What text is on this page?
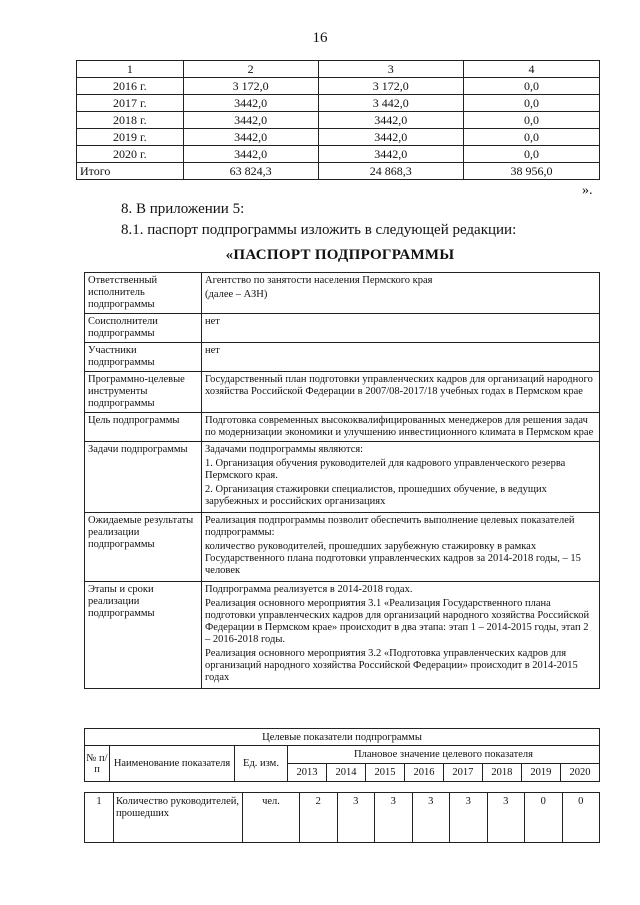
16
1	2	3	4
2016 г.	3 172,0	3 172,0	0,0
2017 г.	3442,0	3 442,0	0,0
2018 г.	3442,0	3442,0	0,0
2019 г.	3442,0	3442,0	0,0
2020 г.	3442,0	3442,0	0,0
Итого	63 824,3	24 868,3	38 956,0
».
8. В приложении 5:
8.1. паспорт подпрограммы изложить в следующей редакции:
«ПАСПОРТ ПОДПРОГРАММЫ
Ответственный исполнитель подпрограммы	Агентство по занятости населения Пермского края
(далее – АЗН)

Соисполнители подпрограммы	нет
Участники подпрограммы	нет
Программно-целевые инструменты подпрограммы	Государственный план подготовки управленческих кадров для организаций народного хозяйства Российской Федерации в 2007/08-2017/18 учебных годах в Пермском крае
Цель подпрограммы	Подготовка современных высококвалифицированных менеджеров для решения задач по модернизации экономики и улучшению инвестиционного климата в Пермском крае
Задачи подпрограммы	Задачами подпрограммы являются:
1. Организация обучения руководителей для кадрового управленческого резерва Пермского края.
2. Организация стажировки специалистов, прошедших обучение, в ведущих зарубежных и российских организациях

Ожидаемые результаты реализации подпрограммы	Реализация подпрограммы позволит обеспечить выполнение целевых показателей подпрограммы:
количество руководителей, прошедших зарубежную стажировку в рамках Государственного плана подготовки управленческих кадров за 2014-2018 годы, – 15 человек

Этапы и сроки реализации подпрограммы	Подпрограмма реализуется в 2014-2018 годах.
Реализация основного мероприятия 3.1 «Реализация Государственного плана подготовки управленческих кадров для организаций народного хозяйства Российской Федерации в Пермском крае» происходит в два этапа: этап 1 – 2014-2015 годы, этап 2 – 2016-2018 годы.
Реализация основного мероприятия 3.2 «Подготовка управленческих кадров для организаций народного хозяйства Российской Федерации» происходит в 2014-2015 годах
Целевые показатели подпрограммы										
№ п/п	Наименование показателя	Ед. изм.	Плановое значение целевого показателя							
			2013	2014	2015	2016	2017	2018	2019	2020
1	Количество руководителей, прошедших	чел.	2	3	3	3	3	3	0	0
